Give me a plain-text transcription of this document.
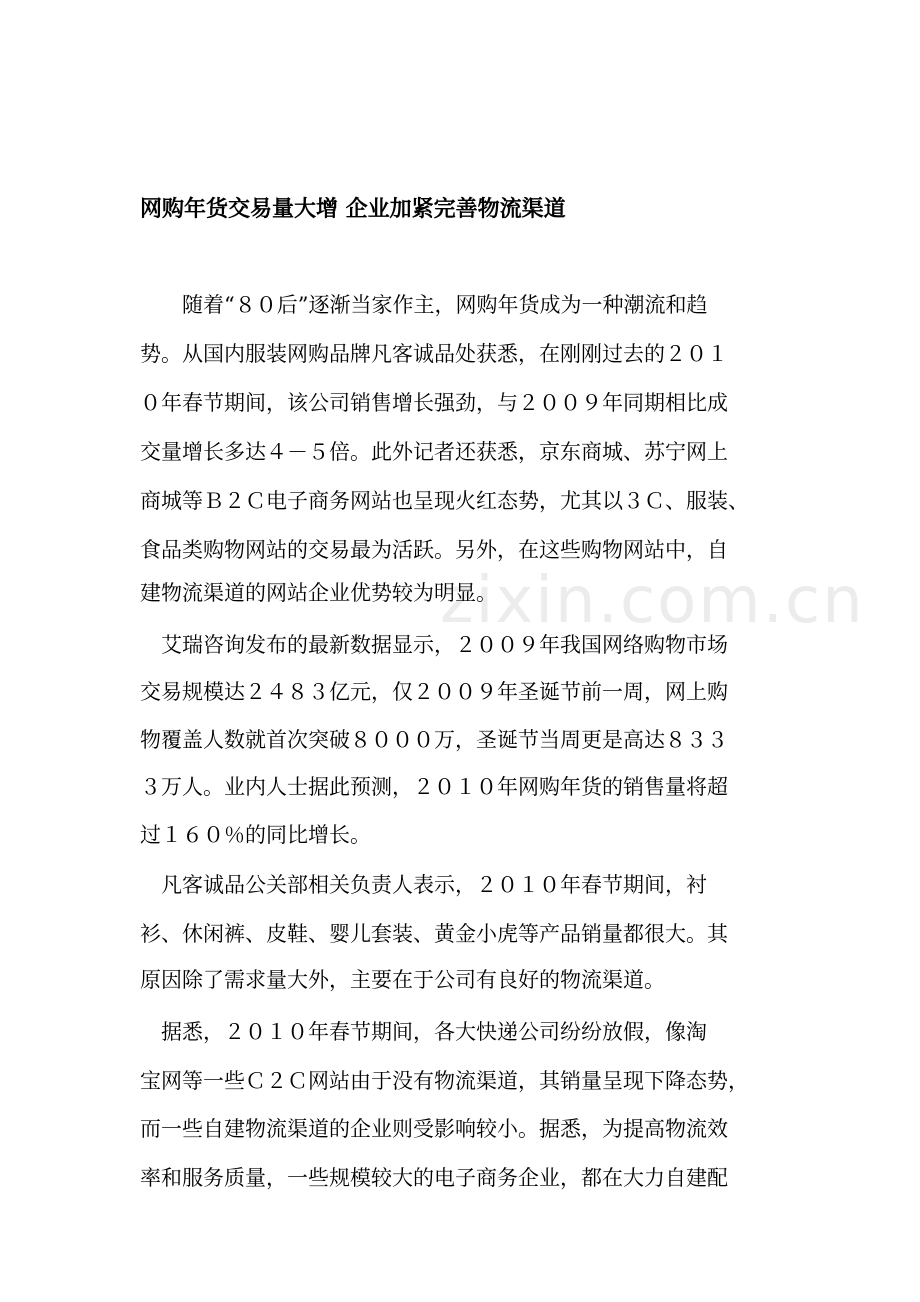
网购年货交易量大增 企业加紧完善物流渠道
zixin.com.cn
　　随着“８０后”逐渐当家作主，网购年货成为一种潮流和趋
势。从国内服装网购品牌凡客诚品处获悉，在刚刚过去的２０１
０年春节期间，该公司销售增长强劲，与２００９年同期相比成
交量增长多达４－５倍。此外记者还获悉，京东商城、苏宁网上
商城等Ｂ２Ｃ电子商务网站也呈现火红态势，尤其以３Ｃ、服装、
食品类购物网站的交易最为活跃。另外，在这些购物网站中，自
建物流渠道的网站企业优势较为明显。
　艾瑞咨询发布的最新数据显示，２００９年我国网络购物市场
交易规模达２４８３亿元，仅２００９年圣诞节前一周，网上购
物覆盖人数就首次突破８０００万，圣诞节当周更是高达８３３
３万人。业内人士据此预测，２０１０年网购年货的销售量将超
过１６０％的同比增长。
　凡客诚品公关部相关负责人表示，２０１０年春节期间，衬
衫、休闲裤、皮鞋、婴儿套装、黄金小虎等产品销量都很大。其
原因除了需求量大外，主要在于公司有良好的物流渠道。
　据悉，２０１０年春节期间，各大快递公司纷纷放假，像淘
宝网等一些Ｃ２Ｃ网站由于没有物流渠道，其销量呈现下降态势，
而一些自建物流渠道的企业则受影响较小。据悉，为提高物流效
率和服务质量，一些规模较大的电子商务企业，都在大力自建配
